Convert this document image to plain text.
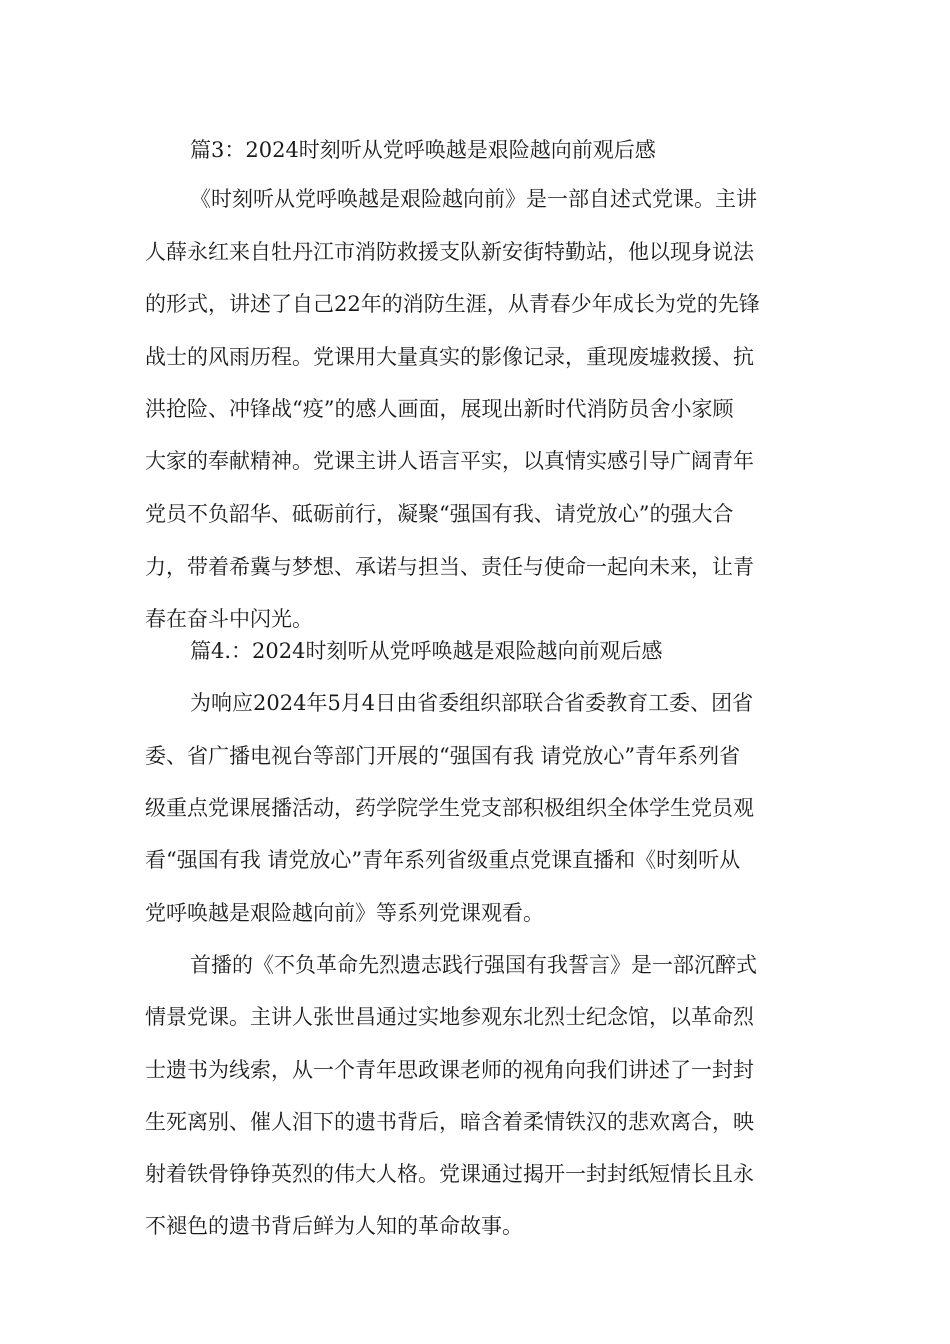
篇3：2024时刻听从党呼唤越是艰险越向前观后感
《时刻听从党呼唤越是艰险越向前》是一部自述式党课。主讲
人薛永红来自牡丹江市消防救援支队新安街特勤站，他以现身说法
的形式，讲述了自己22年的消防生涯，从青春少年成长为党的先锋
战士的风雨历程。党课用大量真实的影像记录，重现废墟救援、抗
洪抢险、冲锋战“疫”的感人画面，展现出新时代消防员舍小家顾
大家的奉献精神。党课主讲人语言平实，以真情实感引导广阔青年
党员不负韶华、砥砺前行，凝聚“强国有我、请党放心”的强大合
力，带着希冀与梦想、承诺与担当、责任与使命一起向未来，让青
春在奋斗中闪光。
篇4.：2024时刻听从党呼唤越是艰险越向前观后感
为响应2024年5月4日由省委组织部联合省委教育工委、团省
委、省广播电视台等部门开展的“强国有我 请党放心”青年系列省
级重点党课展播活动，药学院学生党支部积极组织全体学生党员观
看“强国有我 请党放心”青年系列省级重点党课直播和《时刻听从
党呼唤越是艰险越向前》等系列党课观看。
首播的《不负革命先烈遗志践行强国有我誓言》是一部沉醉式
情景党课。主讲人张世昌通过实地参观东北烈士纪念馆，以革命烈
士遗书为线索，从一个青年思政课老师的视角向我们讲述了一封封
生死离别、催人泪下的遗书背后，暗含着柔情铁汉的悲欢离合，映
射着铁骨铮铮英烈的伟大人格。党课通过揭开一封封纸短情长且永
不褪色的遗书背后鲜为人知的革命故事。
